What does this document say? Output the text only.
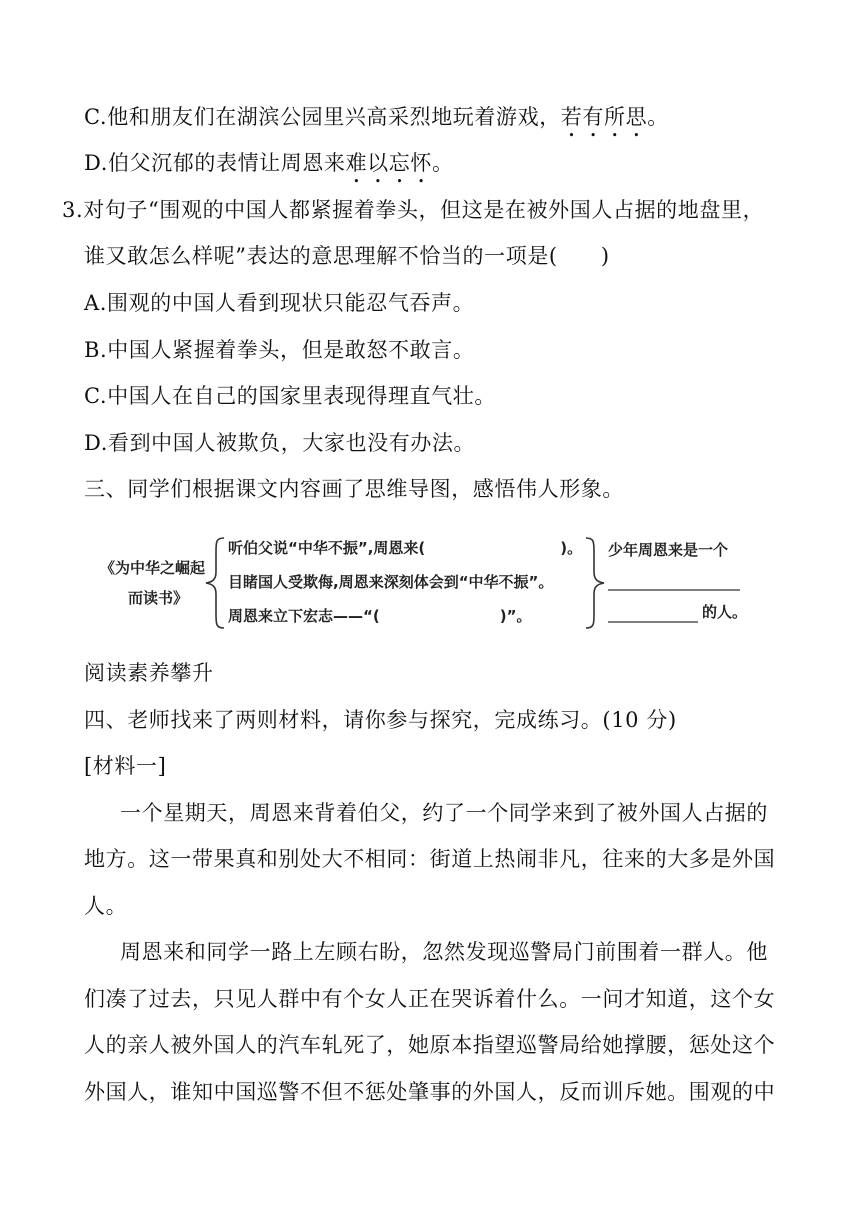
C.他和朋友们在湖滨公园里兴高采烈地玩着游戏，若有所思。
D.伯父沉郁的表情让周恩来难以忘怀。
3.对句子“围观的中国人都紧握着拳头，但这是在被外国人占据的地盘里，
谁又敢怎么样呢”表达的意思理解不恰当的一项是(　　)
A.围观的中国人看到现状只能忍气吞声。
B.中国人紧握着拳头，但是敢怒不敢言。
C.中国人在自己的国家里表现得理直气壮。
D.看到中国人被欺负，大家也没有办法。
三、同学们根据课文内容画了思维导图，感悟伟人形象。
《为中华之崛起
而读书》
听伯父说“中华不振”,周恩来(　　　　　　　　　)。
目睹国人受欺侮,周恩来深刻体会到“中华不振”。
周恩来立下宏志——“(　　　　　　　　)”。
少年周恩来是一个
的人。
阅读素养攀升
四、老师找来了两则材料，请你参与探究，完成练习。(10 分)
[材料一]
一个星期天，周恩来背着伯父，约了一个同学来到了被外国人占据的
地方。这一带果真和别处大不相同：街道上热闹非凡，往来的大多是外国
人。
周恩来和同学一路上左顾右盼，忽然发现巡警局门前围着一群人。他
们凑了过去，只见人群中有个女人正在哭诉着什么。一问才知道，这个女
人的亲人被外国人的汽车轧死了，她原本指望巡警局给她撑腰，惩处这个
外国人，谁知中国巡警不但不惩处肇事的外国人，反而训斥她。围观的中
